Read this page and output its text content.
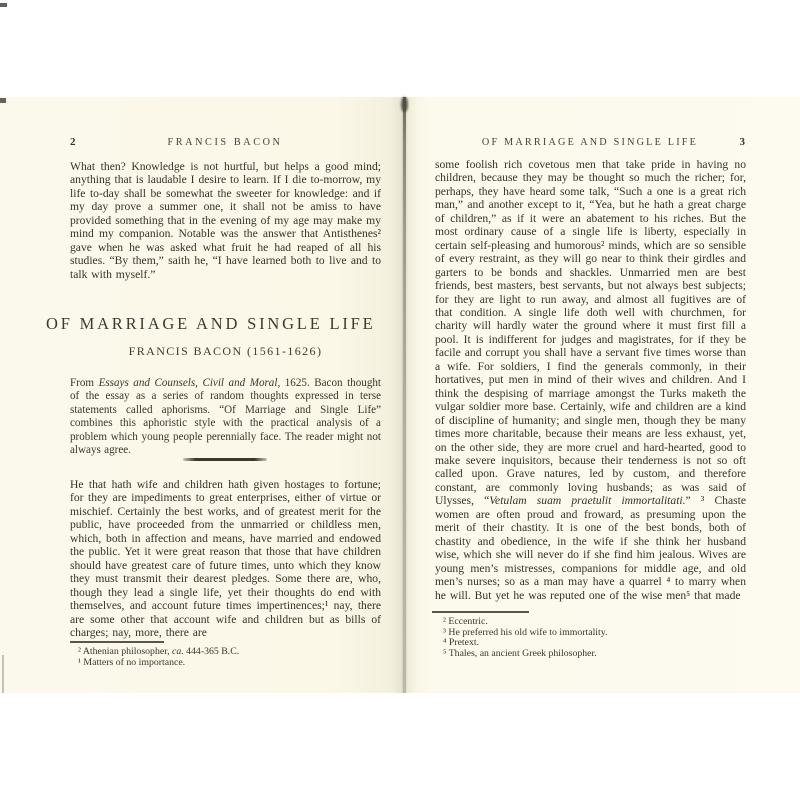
2	FRANCIS BACON

What then? Knowledge is not hurtful, but helps a good mind; anything that is laudable I desire to learn. If I die to-morrow, my life to-day shall be somewhat the sweeter for knowledge: and if my day prove a summer one, it shall not be amiss to have provided something that in the evening of my age may make my mind my companion. Notable was the answer that Antisthenes² gave when he was asked what fruit he had reaped of all his studies. “By them,” saith he, “I have learned both to live and to talk with myself.”

OF MARRIAGE AND SINGLE LIFE
FRANCIS BACON (1561-1626)

From Essays and Counsels, Civil and Moral, 1625. Bacon thought of the essay as a series of random thoughts expressed in terse statements called aphorisms. “Of Marriage and Single Life” combines this aphoristic style with the practical analysis of a problem which young people perennially face. The reader might not always agree.

He that hath wife and children hath given hostages to fortune; for they are impediments to great enterprises, either of virtue or mischief. Certainly the best works, and of greatest merit for the public, have proceeded from the unmarried or childless men, which, both in affection and means, have married and endowed the public. Yet it were great reason that those that have children should have greatest care of future times, unto which they know they must transmit their dearest pledges. Some there are, who, though they lead a single life, yet their thoughts do end with themselves, and account future times impertinences;¹ nay, there are some other that account wife and children but as bills of charges; nay, more, there are

² Athenian philosopher, ca. 444-365 B.C.
¹ Matters of no importance.
OF MARRIAGE AND SINGLE LIFE	3

some foolish rich covetous men that take pride in having no children, because they may be thought so much the richer; for, perhaps, they have heard some talk, “Such a one is a great rich man,” and another except to it, “Yea, but he hath a great charge of children,” as if it were an abatement to his riches. But the most ordinary cause of a single life is liberty, especially in certain self-pleasing and humorous² minds, which are so sensible of every restraint, as they will go near to think their girdles and garters to be bonds and shackles. Unmarried men are best friends, best masters, best servants, but not always best subjects; for they are light to run away, and almost all fugitives are of that condition. A single life doth well with churchmen, for charity will hardly water the ground where it must first fill a pool. It is indifferent for judges and magistrates, for if they be facile and corrupt you shall have a servant five times worse than a wife. For soldiers, I find the generals commonly, in their hortatives, put men in mind of their wives and children. And I think the despising of marriage amongst the Turks maketh the vulgar soldier more base. Certainly, wife and children are a kind of discipline of humanity; and single men, though they be many times more charitable, because their means are less exhaust, yet, on the other side, they are more cruel and hard-hearted, good to make severe inquisitors, because their tenderness is not so oft called upon. Grave natures, led by custom, and therefore constant, are commonly loving husbands; as was said of Ulysses, “Vetulam suam praetulit immortalitati.” ³ Chaste women are often proud and froward, as presuming upon the merit of their chastity. It is one of the best bonds, both of chastity and obedience, in the wife if she think her husband wise, which she will never do if she find him jealous. Wives are young men’s mistresses, companions for middle age, and old men’s nurses; so as a man may have a quarrel ⁴ to marry when he will. But yet he was reputed one of the wise men⁵ that made

² Eccentric.
³ He preferred his old wife to immortality.
⁴ Pretext.
⁵ Thales, an ancient Greek philosopher.
